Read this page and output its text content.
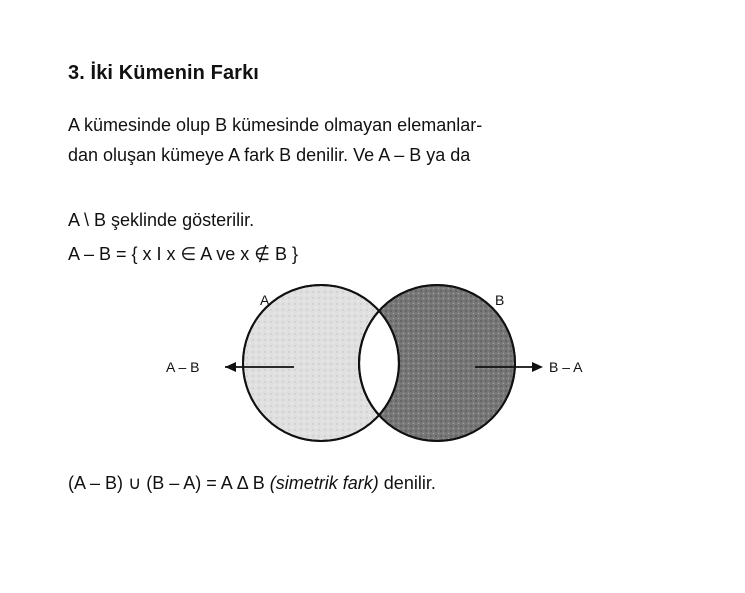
3. İki Kümenin Farkı
A kümesinde olup B kümesinde olmayan elemanlar-
dan oluşan kümeye A fark B denilir. Ve A – B ya da
A \ B şeklinde gösterilir.
A – B = { x I x ∈ A ve x ∉ B }
A	B
A – B	B – A
(A – B) ∪ (B – A) = A Δ B (simetrik fark) denilir.
